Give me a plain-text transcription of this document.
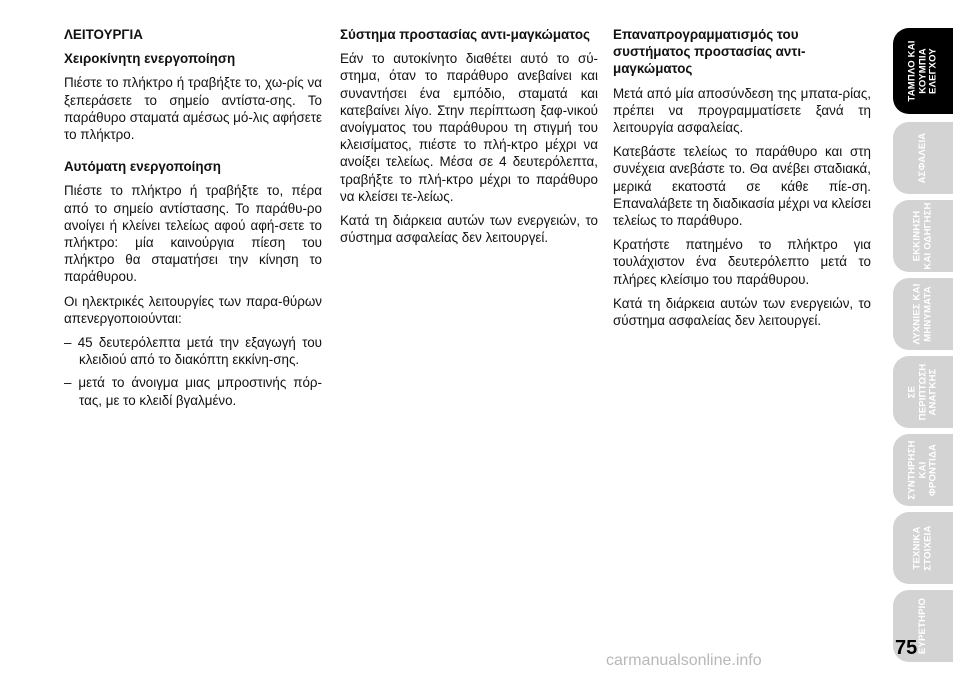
ΛΕΙΤΟΥΡΓΙΑ
Χειροκίνητη ενεργοποίηση

Πιέστε το πλήκτρο ή τραβήξτε το, χω-ρίς να ξεπεράσετε το σημείο αντίστα-σης. Το παράθυρο σταματά αμέσως μό-λις αφήσετε το πλήκτρο.

Αυτόματη ενεργοποίηση

Πιέστε το πλήκτρο ή τραβήξτε το, πέρα από το σημείο αντίστασης. Το παράθυ-ρο ανοίγει ή κλείνει τελείως αφού αφή-σετε το πλήκτρο: μία καινούργια πίεση του πλήκτρο θα σταματήσει την κίνηση το παράθυρου.

Οι ηλεκτρικές λειτουργίες των παρα-θύρων απενεργοποιούνται:

– 45 δευτερόλεπτα μετά την εξαγωγή του κλειδιού από το διακόπτη εκκίνη-σης.
– μετά το άνοιγμα μιας μπροστινής πόρ-τας, με το κλειδί βγαλμένο.
Σύστημα προστασίας αντι-μαγκώματος

Εάν το αυτοκίνητο διαθέτει αυτό το σύ-στημα, όταν το παράθυρο ανεβαίνει και συναντήσει ένα εμπόδιο, σταματά και κατεβαίνει λίγο. Στην περίπτωση ξαφ-νικού ανοίγματος του παράθυρου τη στιγμή του κλεισίματος, πιέστε το πλή-κτρο μέχρι να ανοίξει τελείως. Μέσα σε 4 δευτερόλεπτα, τραβήξτε το πλή-κτρο μέχρι το παράθυρο να κλείσει τε-λείως.

Κατά τη διάρκεια αυτών των ενεργειών, το σύστημα ασφαλείας δεν λειτουργεί.

Επαναπρογραμματισμός του συστήματος προστασίας αντι-μαγκώματος

Μετά από μία αποσύνδεση της μπατα-ρίας, πρέπει να προγραμματίσετε ξανά τη λειτουργία ασφαλείας.

Κατεβάστε τελείως το παράθυρο και στη συνέχεια ανεβάστε το. Θα ανέβει σταδιακά, μερικά εκατοστά σε κάθε πίε-ση. Επαναλάβετε τη διαδικασία μέχρι να κλείσει τελείως το παράθυρο.

Κρατήστε πατημένο το πλήκτρο για τουλάχιστον ένα δευτερόλεπτο μετά το πλήρες κλείσιμο του παράθυρου.

Κατά τη διάρκεια αυτών των ενεργειών, το σύστημα ασφαλείας δεν λειτουργεί.

ΤΑΜΠΛΟ ΚΑΙ
ΚΟΥΜΠΙΑ
ΕΛΕΓΧΟΥ
ΑΣΦΑΛΕΙΑ
ΕΚΚΙΝΗΣΗ
ΚΑΙ ΟΔΗΓΗΣΗ
ΛΥΧΝΙΕΣ ΚΑΙ
ΜΗΝΥΜΑΤΑ
ΣΕ ΠΕΡΙΠΤΩΣΗ
ΑΝΑΓΚΗΣ
ΣΥΝΤΗΡΗΣΗ
ΚΑΙ ΦΡΟΝΤΙΔΑ
ΤΕΧΝΙΚΑ
ΣΤΟΙΧΕΙΑ
ΕΥΡΕΤΗΡΙΟ
75
carmanualsonline.info
